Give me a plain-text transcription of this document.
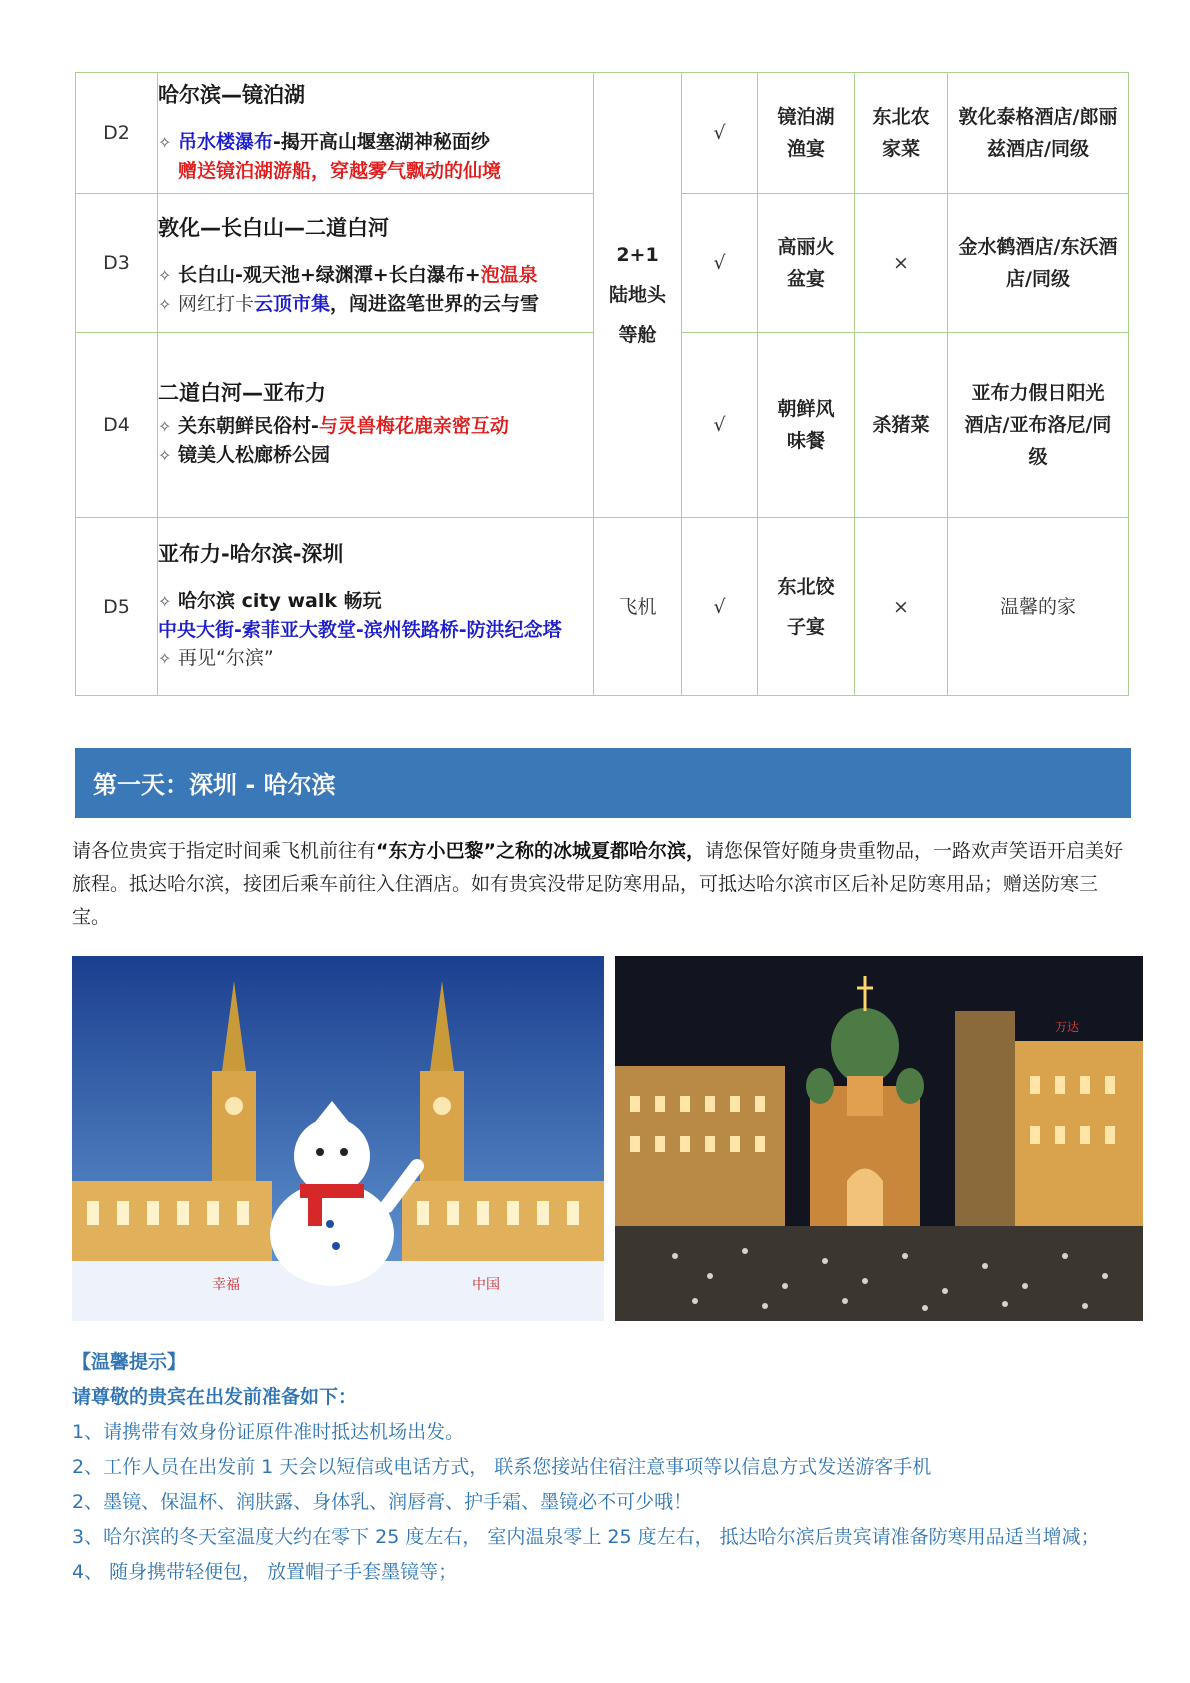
D2	哈尔滨—镜泊湖
✧ 吊水楼瀑布-揭开高山堰塞湖神秘面纱
赠送镜泊湖游船，穿越雾气飘动的仙境	2+1 陆地头等舱	√	镜泊湖渔宴	东北农家菜	敦化泰格酒店/郎丽兹酒店/同级

D3	敦化—长白山—二道白河
✧ 长白山-观天池+绿渊潭+长白瀑布+泡温泉
✧ 网红打卡云顶市集，闯进盗笔世界的云与雪		√	高丽火盆宴	×	金水鹤酒店/东沃酒店/同级

D4	二道白河—亚布力
✧ 关东朝鲜民俗村-与灵兽梅花鹿亲密互动
✧ 镜美人松廊桥公园		√	朝鲜风味餐	杀猪菜	亚布力假日阳光酒店/亚布洛尼/同级

D5	亚布力-哈尔滨-深圳
✧ 哈尔滨 city walk 畅玩
中央大街-索菲亚大教堂-滨州铁路桥-防洪纪念塔
✧ 再见“尔滨”	飞机	√	东北饺子宴	×	温馨的家
第一天：深圳 - 哈尔滨
请各位贵宾于指定时间乘飞机前往有“东方小巴黎”之称的冰城夏都哈尔滨，请您保管好随身贵重物品，一路欢声笑语开启美好旅程。抵达哈尔滨，接团后乘车前往入住酒店。如有贵宾没带足防寒用品，可抵达哈尔滨市区后补足防寒用品；赠送防寒三宝。
幸福	中国
万达
【温馨提示】
请尊敬的贵宾在出发前准备如下：
1、请携带有效身份证原件准时抵达机场出发。
2、工作人员在出发前 1 天会以短信或电话方式， 联系您接站住宿注意事项等以信息方式发送游客手机
2、墨镜、保温杯、润肤露、身体乳、润唇膏、护手霜、墨镜必不可少哦！
3、哈尔滨的冬天室温度大约在零下 25 度左右， 室内温泉零上 25 度左右， 抵达哈尔滨后贵宾请准备防寒用品适当增减；
4、 随身携带轻便包， 放置帽子手套墨镜等；
